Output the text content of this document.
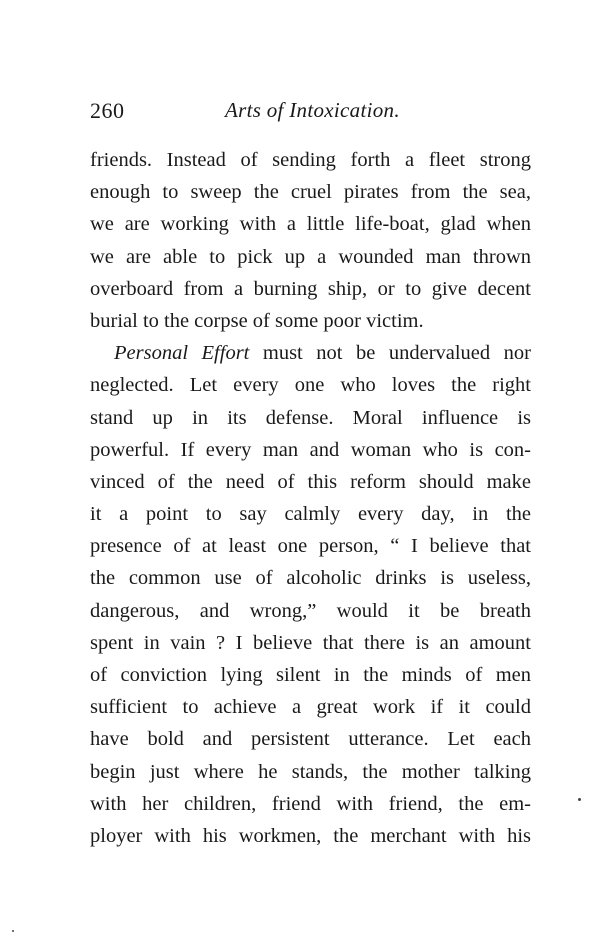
260	Arts of Intoxication.
friends. Instead of sending forth a fleet strong
enough to sweep the cruel pirates from the sea,
we are working with a little life-boat, glad when
we are able to pick up a wounded man thrown
overboard from a burning ship, or to give decent
burial to the corpse of some poor victim.
Personal Effort must not be undervalued nor
neglected. Let every one who loves the right
stand up in its defense. Moral influence is
powerful. If every man and woman who is con-
vinced of the need of this reform should make
it a point to say calmly every day, in the
presence of at least one person, “ I believe that
the common use of alcoholic drinks is useless,
dangerous, and wrong,” would it be breath
spent in vain ? I believe that there is an amount
of conviction lying silent in the minds of men
sufficient to achieve a great work if it could
have bold and persistent utterance. Let each
begin just where he stands, the mother talking
with her children, friend with friend, the em-
ployer with his workmen, the merchant with his
